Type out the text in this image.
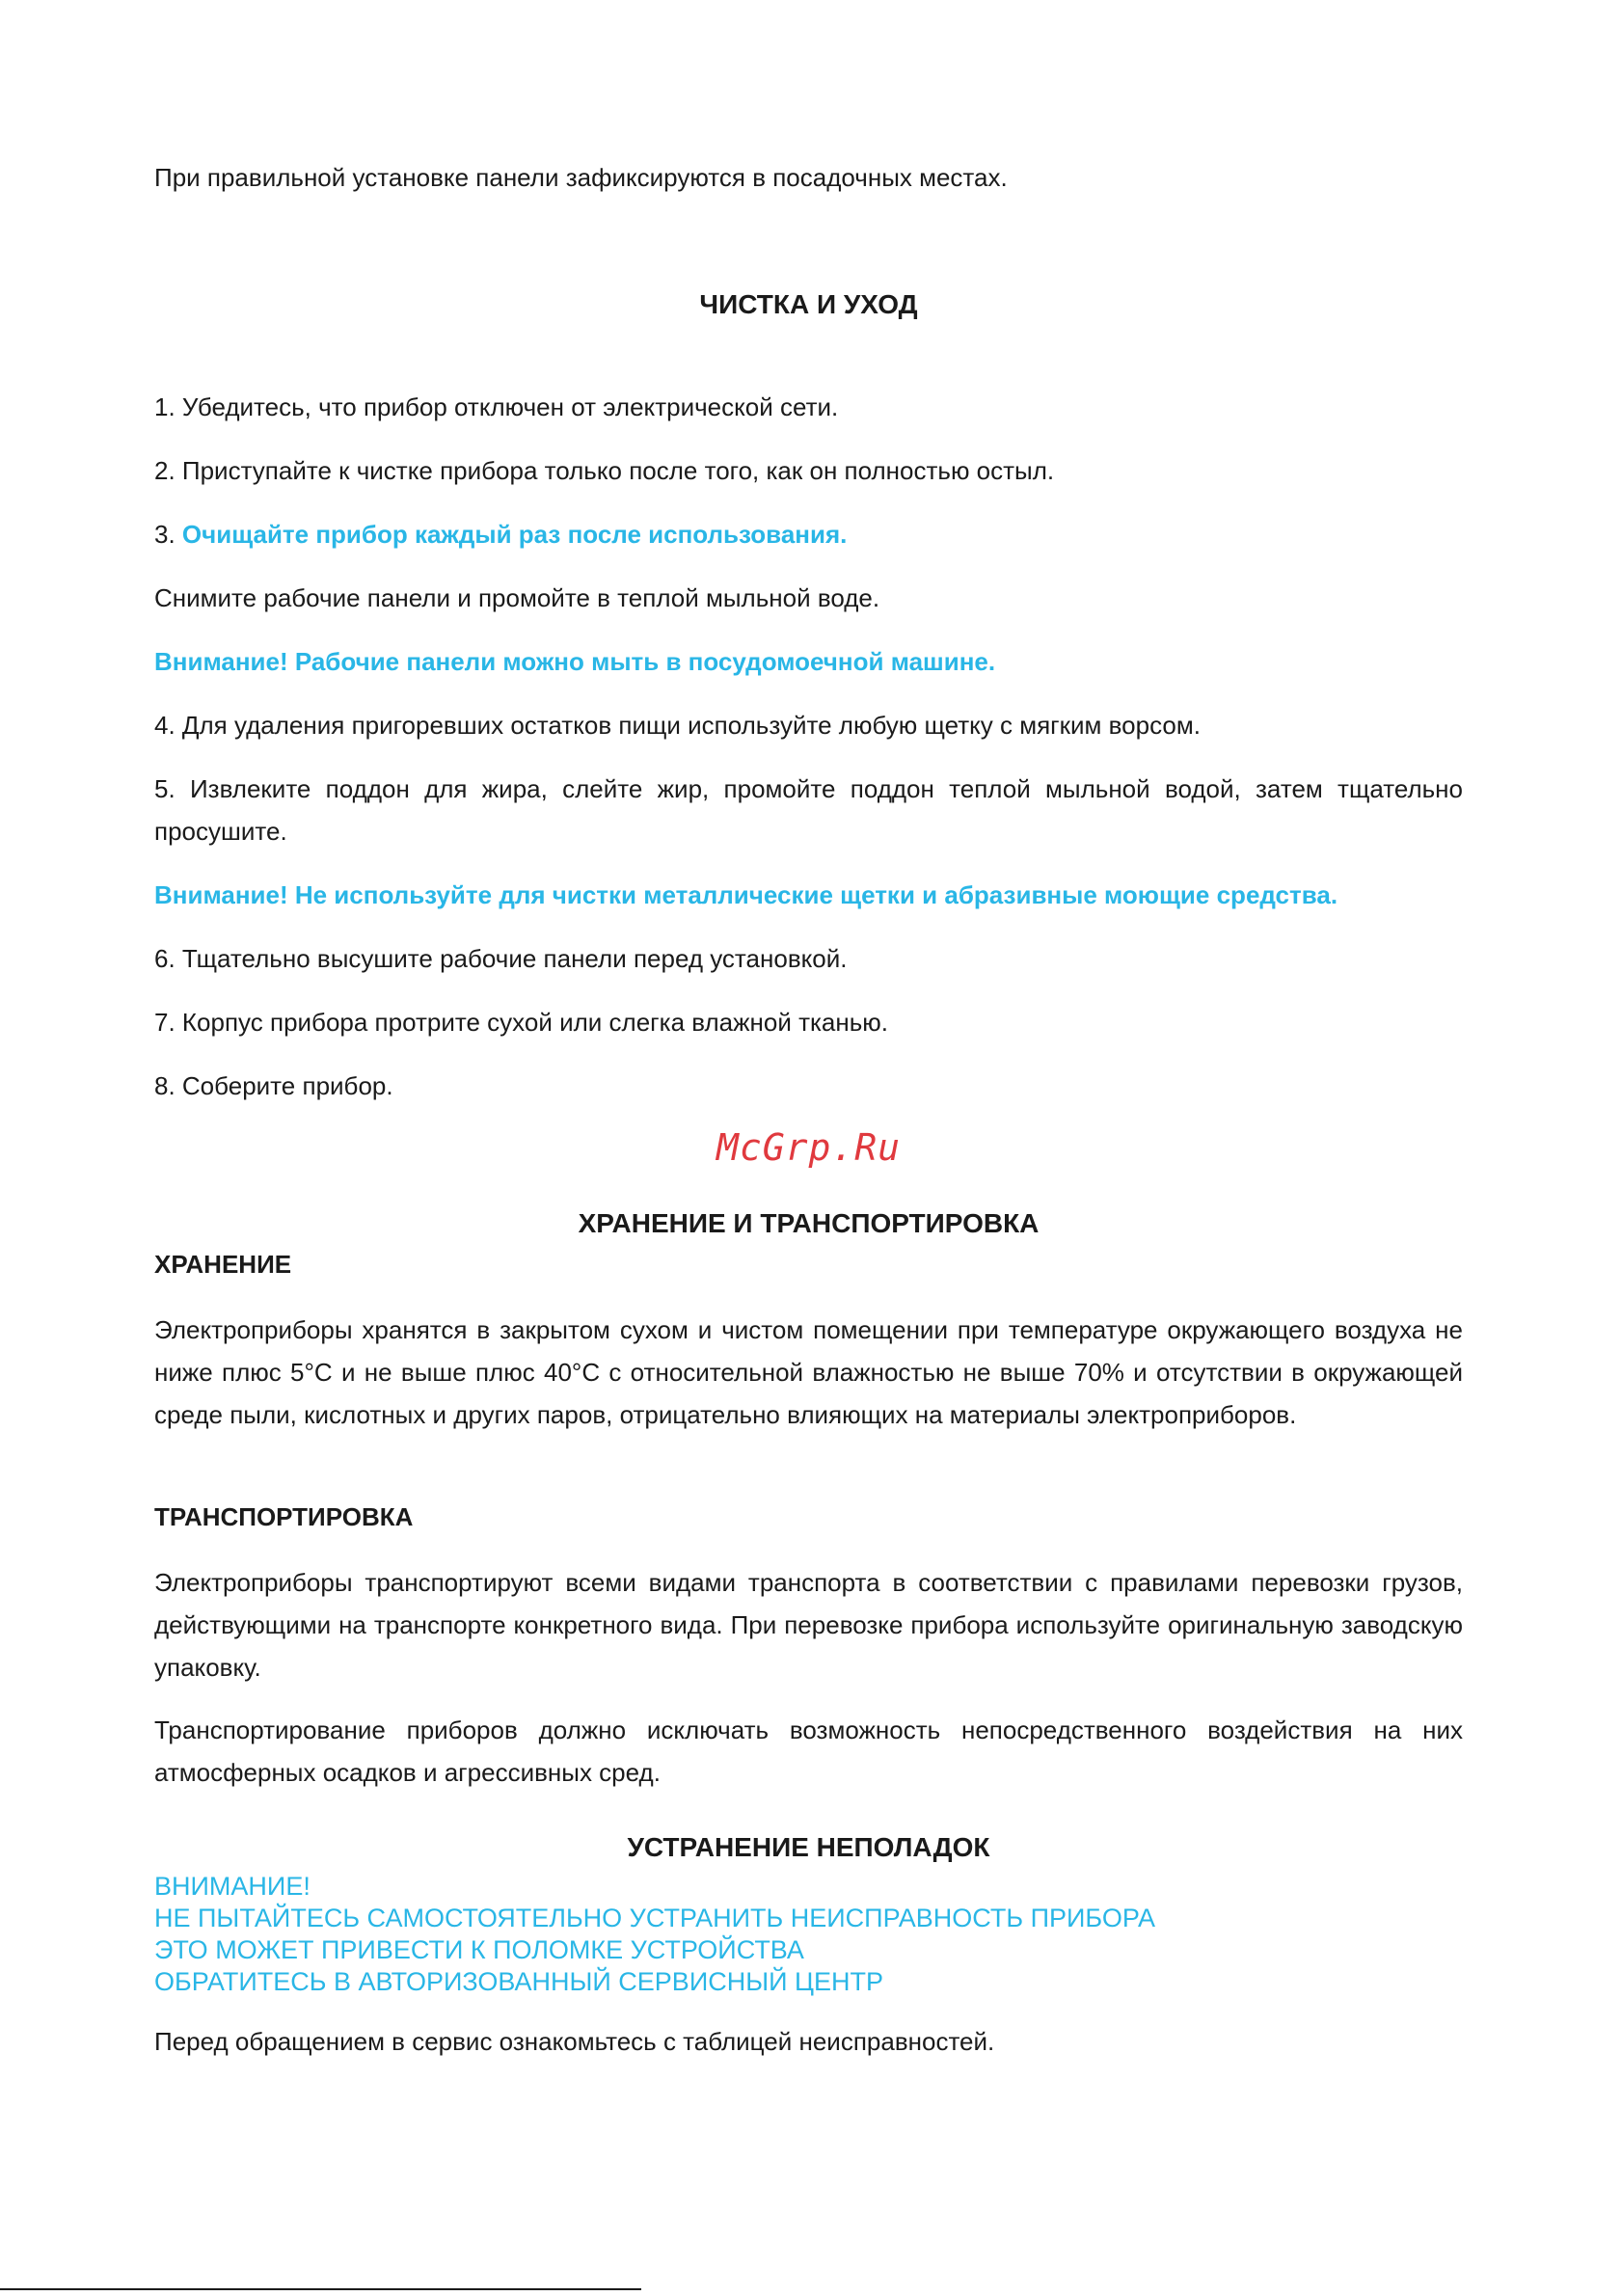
При правильной установке панели зафиксируются в посадочных местах.

ЧИСТКА И УХОД

1. Убедитесь, что прибор отключен от электрической сети.

2. Приступайте к чистке прибора только после того, как он полностью остыл.

3. Очищайте прибор каждый раз после использования.

Снимите рабочие панели и промойте в теплой мыльной воде.

Внимание! Рабочие панели можно мыть в посудомоечной машине.

4. Для удаления пригоревших остатков пищи используйте любую щетку с мягким ворсом.

5. Извлеките поддон для жира, слейте жир, промойте поддон теплой мыльной водой, затем тщательно просушите.

Внимание! Не используйте для чистки металлические щетки и абразивные моющие средства.

6. Тщательно высушите рабочие панели перед установкой.

7. Корпус прибора протрите сухой или слегка влажной тканью.

8. Соберите прибор.

McGrp.Ru
ХРАНЕНИЕ И ТРАНСПОРТИРОВКА
ХРАНЕНИЕ

Электроприборы хранятся в закрытом сухом и чистом помещении при температуре окружающего воздуха не ниже плюс 5°С и не выше плюс 40°С с относительной влажностью не выше 70% и отсутствии в окружающей среде пыли, кислотных и других паров, отрицательно влияющих на материалы электроприборов.

ТРАНСПОРТИРОВКА

Электроприборы транспортируют всеми видами транспорта в соответствии с правилами перевозки грузов, действующими на транспорте конкретного вида. При перевозке прибора используйте оригинальную заводскую упаковку.

Транспортирование приборов должно исключать возможность непосредственного воздействия на них атмосферных осадков и агрессивных сред.

УСТРАНЕНИЕ НЕПОЛАДОК

ВНИМАНИЕ!

НЕ ПЫТАЙТЕСЬ САМОСТОЯТЕЛЬНО УСТРАНИТЬ НЕИСПРАВНОСТЬ ПРИБОРА

ЭТО МОЖЕТ ПРИВЕСТИ К ПОЛОМКЕ УСТРОЙСТВА

ОБРАТИТЕСЬ В АВТОРИЗОВАННЫЙ СЕРВИСНЫЙ ЦЕНТР

Перед обращением в сервис ознакомьтесь с таблицей неисправностей.
